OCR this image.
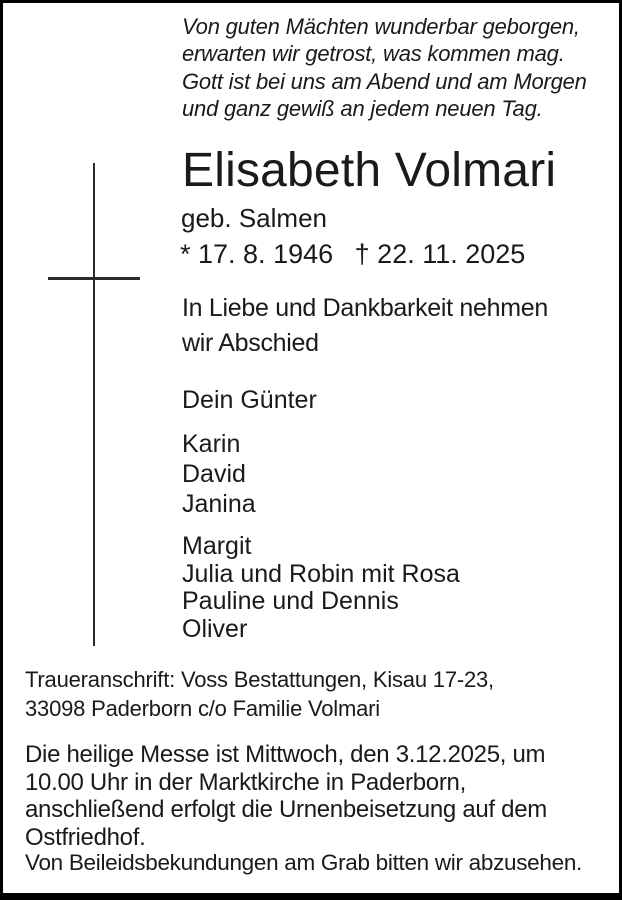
Von guten Mächten wunderbar geborgen,
erwarten wir getrost, was kommen mag.
Gott ist bei uns am Abend und am Morgen
und ganz gewiß an jedem neuen Tag.
Elisabeth Volmari
geb. Salmen
* 17. 8. 1946 † 22. 11. 2025
In Liebe und Dankbarkeit nehmen
wir Abschied
Dein Günter
Karin
David
Janina
Margit
Julia und Robin mit Rosa
Pauline und Dennis
Oliver
Traueranschrift: Voss Bestattungen, Kisau 17-23,
33098 Paderborn c/o Familie Volmari
Die heilige Messe ist Mittwoch, den 3.12.2025, um
10.00 Uhr in der Marktkirche in Paderborn,
anschließend erfolgt die Urnenbeisetzung auf dem
Ostfriedhof.
Von Beileidsbekundungen am Grab bitten wir abzusehen.
